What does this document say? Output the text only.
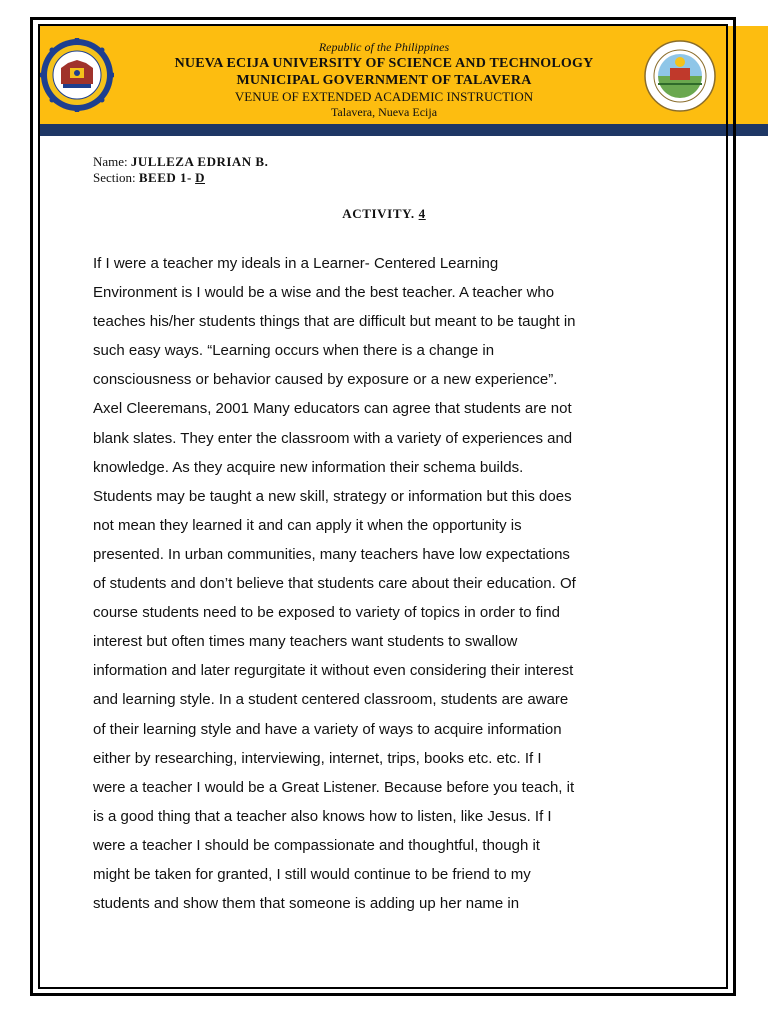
Republic of the Philippines
NUEVA ECIJA UNIVERSITY OF SCIENCE AND TECHNOLOGY
MUNICIPAL GOVERNMENT OF TALAVERA
VENUE OF EXTENDED ACADEMIC INSTRUCTION
Talavera, Nueva Ecija
Name: JULLEZA EDRIAN B.
Section: BEED 1- D
ACTIVITY. 4
If I were a teacher my ideals in a Learner- Centered Learning
Environment is I would be a wise and the best teacher. A teacher who
teaches his/her students things that are difficult but meant to be taught in
such easy ways. “Learning occurs when there is a change in
consciousness or behavior caused by exposure or a new experience”.
Axel Cleeremans, 2001 Many educators can agree that students are not
blank slates. They enter the classroom with a variety of experiences and
knowledge. As they acquire new information their schema builds.
Students may be taught a new skill, strategy or information but this does
not mean they learned it and can apply it when the opportunity is
presented. In urban communities, many teachers have low expectations
of students and don’t believe that students care about their education. Of
course students need to be exposed to variety of topics in order to find
interest but often times many teachers want students to swallow
information and later regurgitate it without even considering their interest
and learning style. In a student centered classroom, students are aware
of their learning style and have a variety of ways to acquire information
either by researching, interviewing, internet, trips, books etc. etc. If I
were a teacher I would be a Great Listener. Because before you teach, it
is a good thing that a teacher also knows how to listen, like Jesus. If I
were a teacher I should be compassionate and thoughtful, though it
might be taken for granted, I still would continue to be friend to my
students and show them that someone is adding up her name in
